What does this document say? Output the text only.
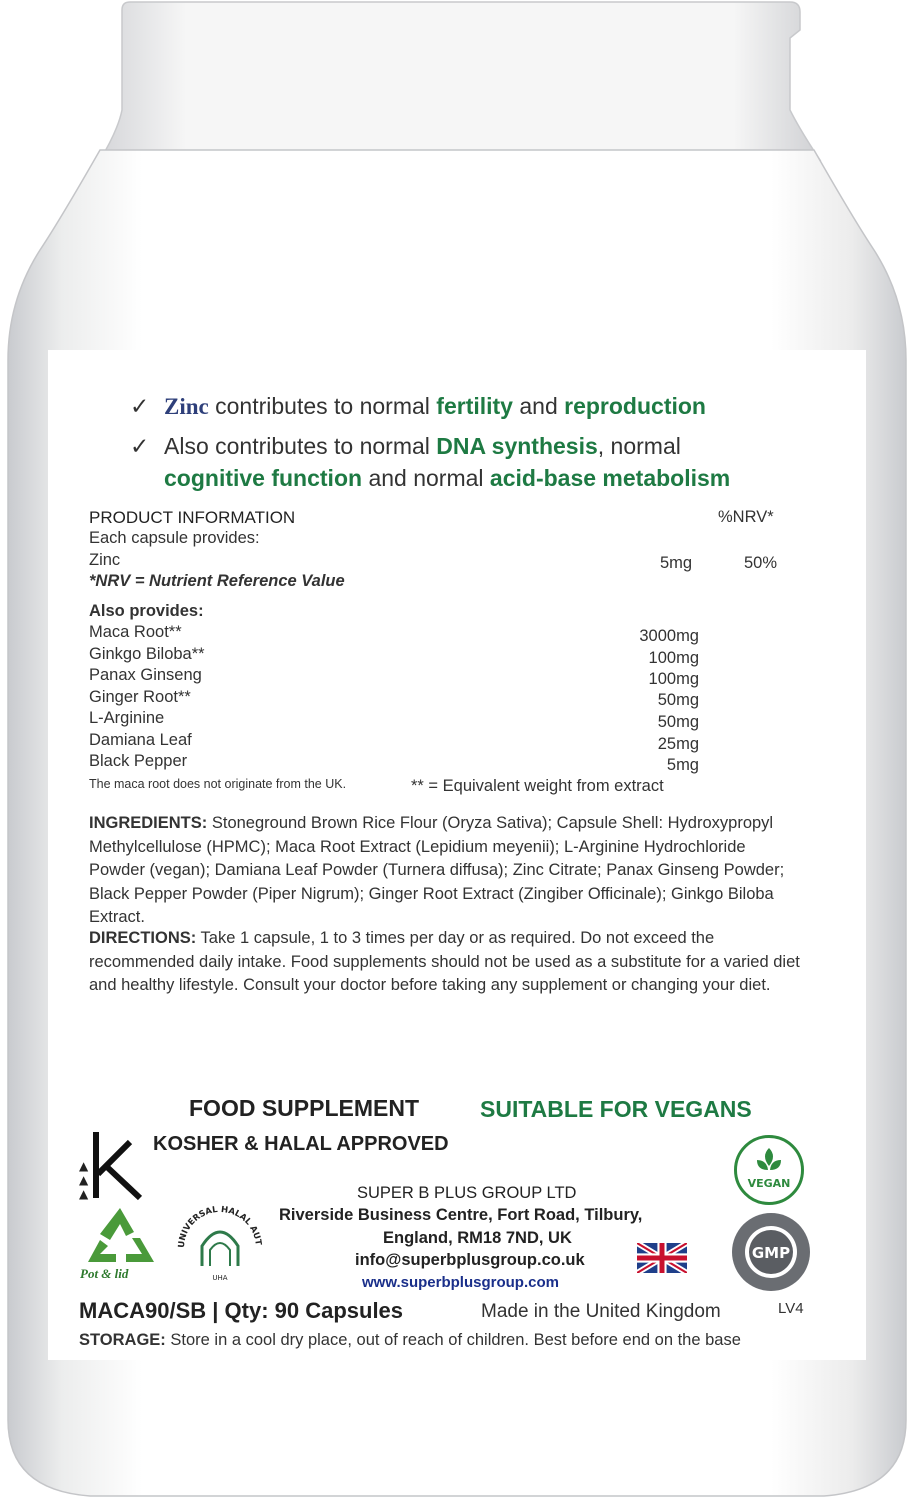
✓ Zinc contributes to normal fertility and reproduction
✓ Also contributes to normal DNA synthesis, normal
cognitive function and normal acid-base metabolism
PRODUCT INFORMATION	%NRV*
Each capsule provides:
Zinc	5mg	50%
*NRV = Nutrient Reference Value
Also provides:
Maca Root**	3000mg
Ginkgo Biloba**	100mg
Panax Ginseng	100mg
Ginger Root**	50mg
L-Arginine	50mg
Damiana Leaf	25mg
Black Pepper	5mg
The maca root does not originate from the UK.	** = Equivalent weight from extract
INGREDIENTS: Stoneground Brown Rice Flour (Oryza Sativa); Capsule Shell: Hydroxypropyl Methylcellulose (HPMC); Maca Root Extract (Lepidium meyenii); L-Arginine Hydrochloride Powder (vegan); Damiana Leaf Powder (Turnera diffusa); Zinc Citrate; Panax Ginseng Powder; Black Pepper Powder (Piper Nigrum); Ginger Root Extract (Zingiber Officinale); Ginkgo Biloba Extract.
DIRECTIONS: Take 1 capsule, 1 to 3 times per day or as required. Do not exceed the recommended daily intake. Food supplements should not be used as a substitute for a varied diet and healthy lifestyle. Consult your doctor before taking any supplement or changing your diet.
FOOD SUPPLEMENT	SUITABLE FOR VEGANS
KOSHER & HALAL APPROVED
▲
▲
▲
Pot & lid
UNIVERSAL HALAL AUT
UHA
SUPER B PLUS GROUP LTD
Riverside Business Centre, Fort Road, Tilbury,
England, RM18 7ND, UK
info@superbplusgroup.co.uk
www.superbplusgroup.com
VEGAN
GMP
MACA90/SB | Qty: 90 Capsules	Made in the United Kingdom	LV4
STORAGE: Store in a cool dry place, out of reach of children. Best before end on the base
